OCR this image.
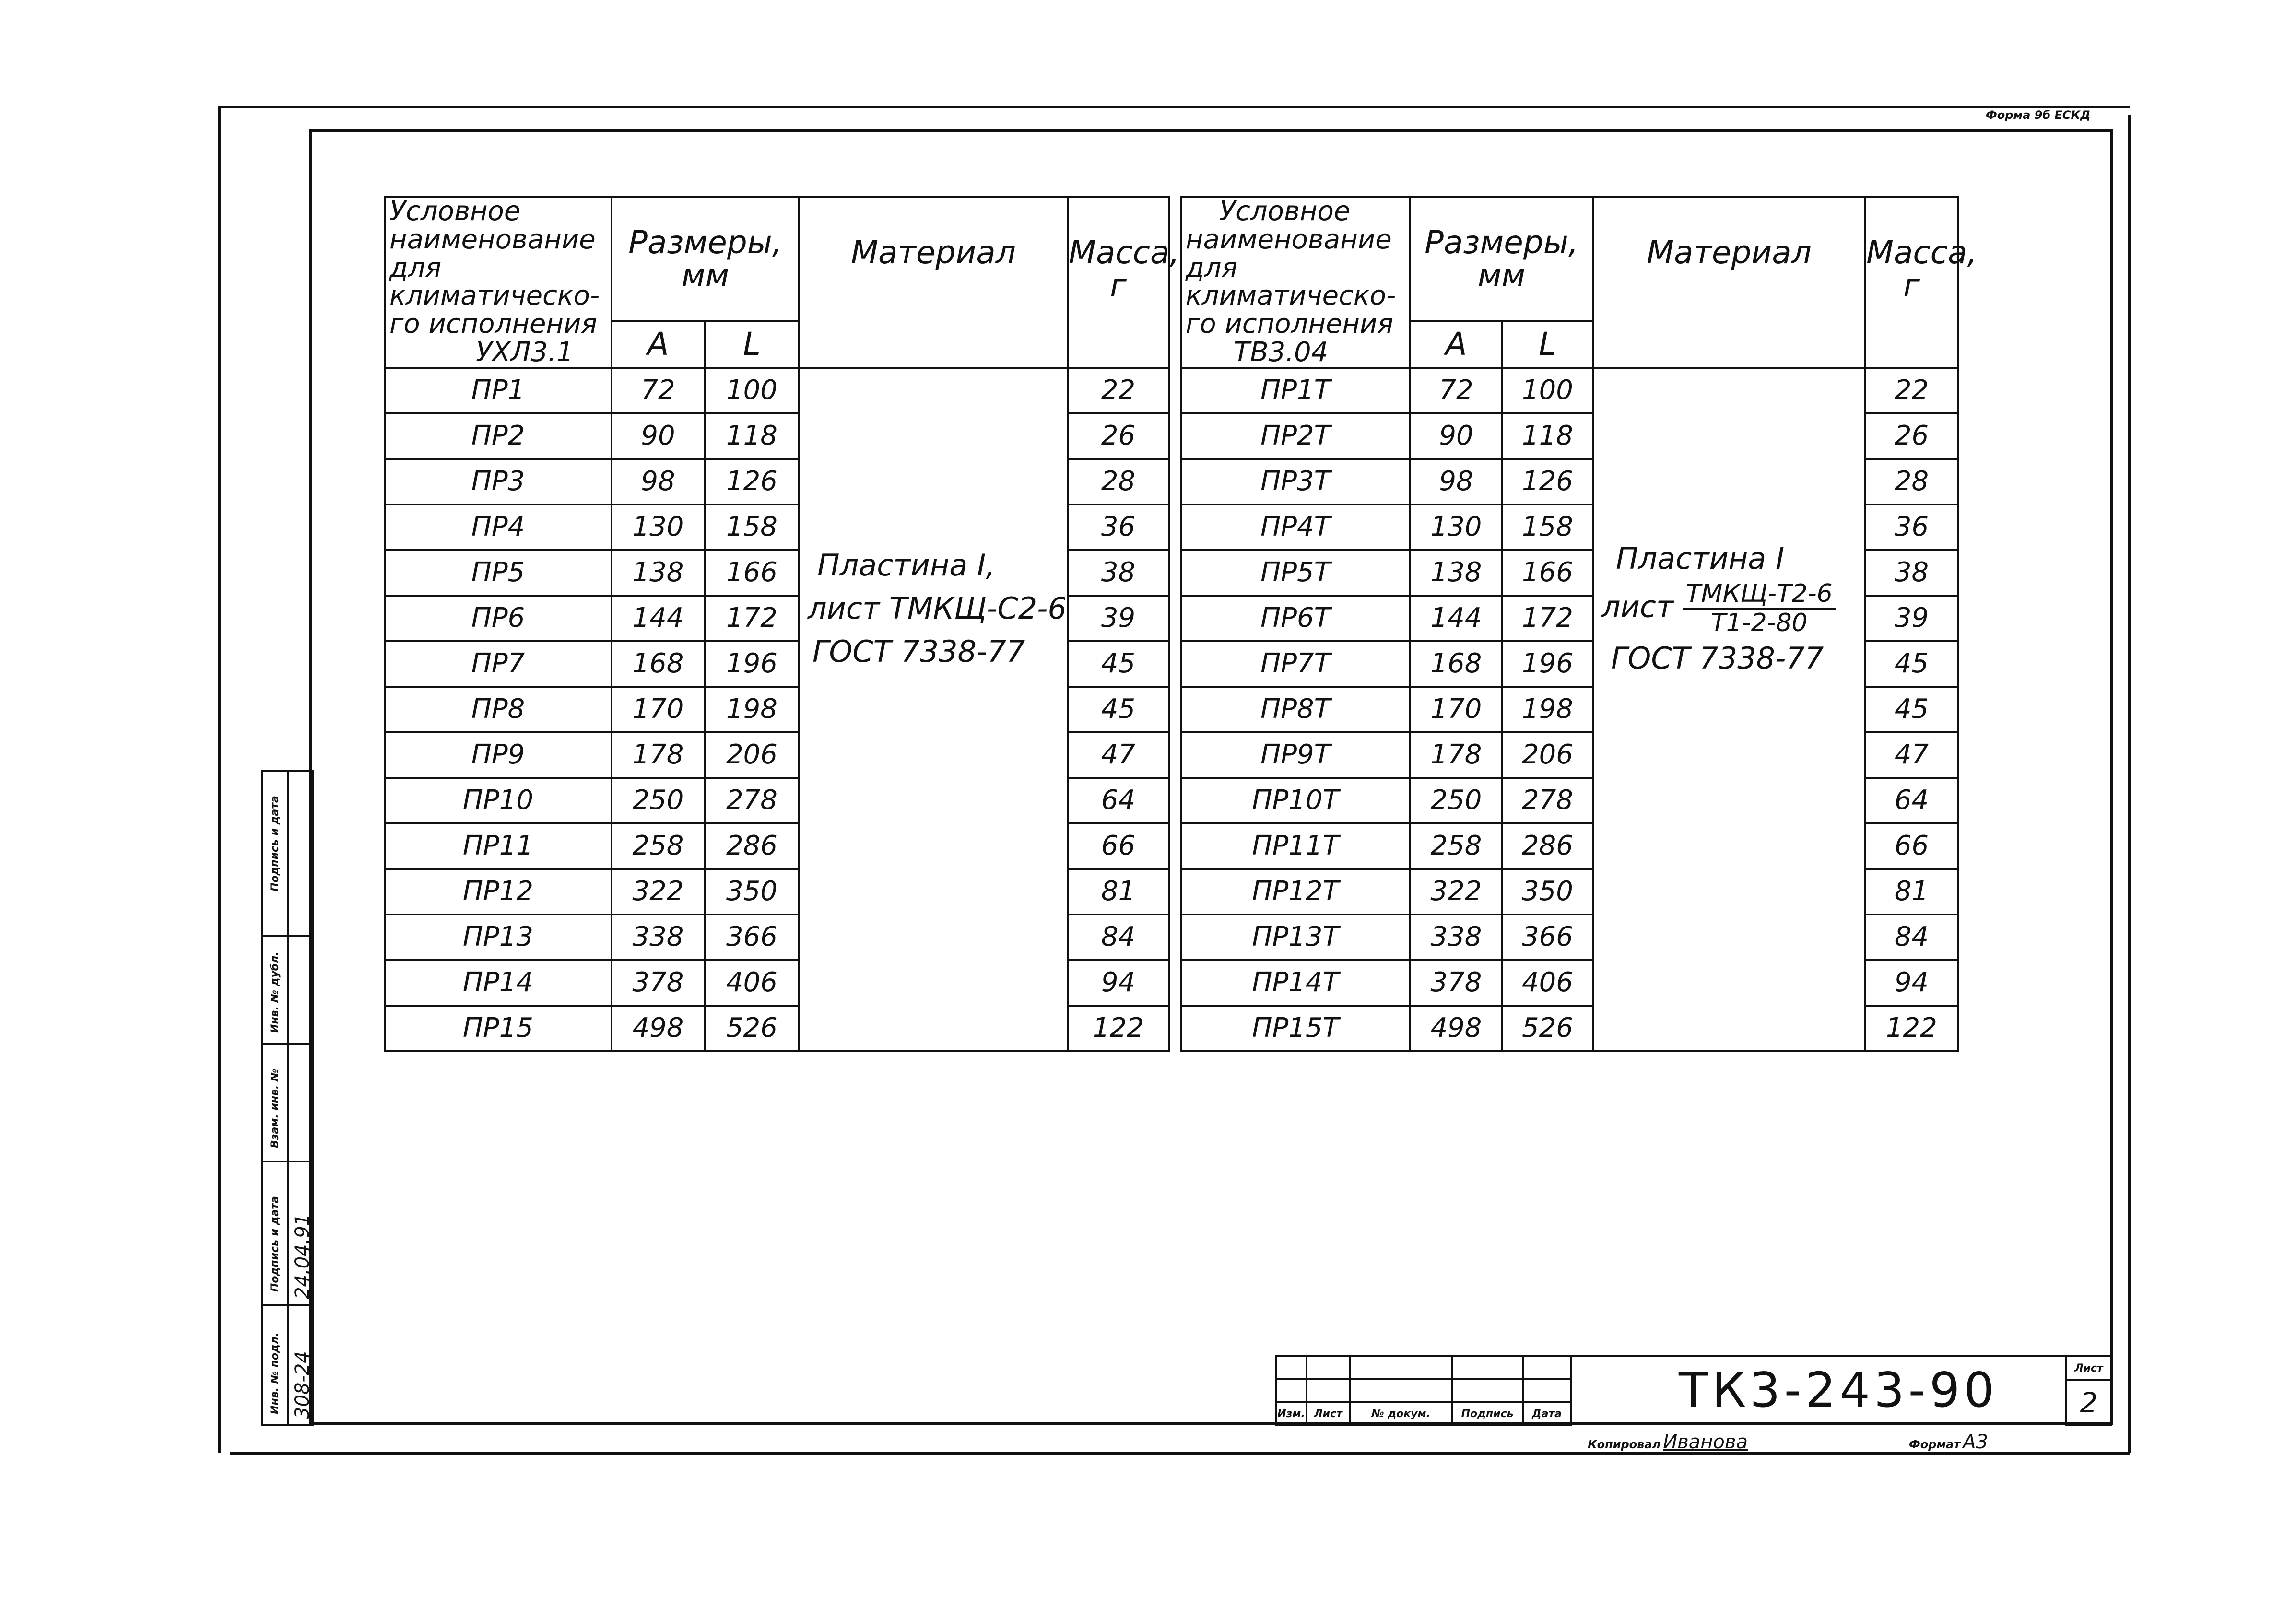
Форма 9б ЕСКД
Условное
наименование
для климатическо-
го исполнения
УХЛ3.1	Размеры, мм		Материал	Масса,
г
	A	L		
ПР1	72	100	Пластина I,
лист ТМКЩ-С2-6
ГОСТ 7338-77	22
ПР2	90	118		26
ПР3	98	126		28
ПР4	130	158		36
ПР5	138	166		38
ПР6	144	172		39
ПР7	168	196		45
ПР8	170	198		45
ПР9	178	206		47
ПР10	250	278		64
ПР11	258	286		66
ПР12	322	350		81
ПР13	338	366		84
ПР14	378	406		94
ПР15	498	526		122
Условное
наименование
для климатическо-
го исполнения
ТВ3.04	Размеры, мм		Материал	Масса,
г
	A	L		
ПР1Т	72	100	Пластина I
лист $\frac{\text{ТМКЩ-Т2-6}}{Т1-2-80}$

ГОСТ 7338-77	22
ПР2Т	90	118		26
ПР3Т	98	126		28
ПР4Т	130	158		36
ПР5Т	138	166		38
ПР6Т	144	172		39
ПР7Т	168	196		45
ПР8Т	170	198		45
ПР9Т	178	206		47
ПР10Т	250	278		64
ПР11Т	258	286		66
ПР12Т	322	350		81
ПР13Т	338	366		84
ПР14Т	378	406		94
ПР15Т	498	526		122
Подпись и дата	

Инв. № дубл.	

Взам. инв. №	

Подпись и дата	24.04.91

Инв. № подл.	308-24

					Изм.	Лист	№ докум.	Подпись	Дата ТК3-243-90	Лист
2
Копировал Иванова	Формат А3
